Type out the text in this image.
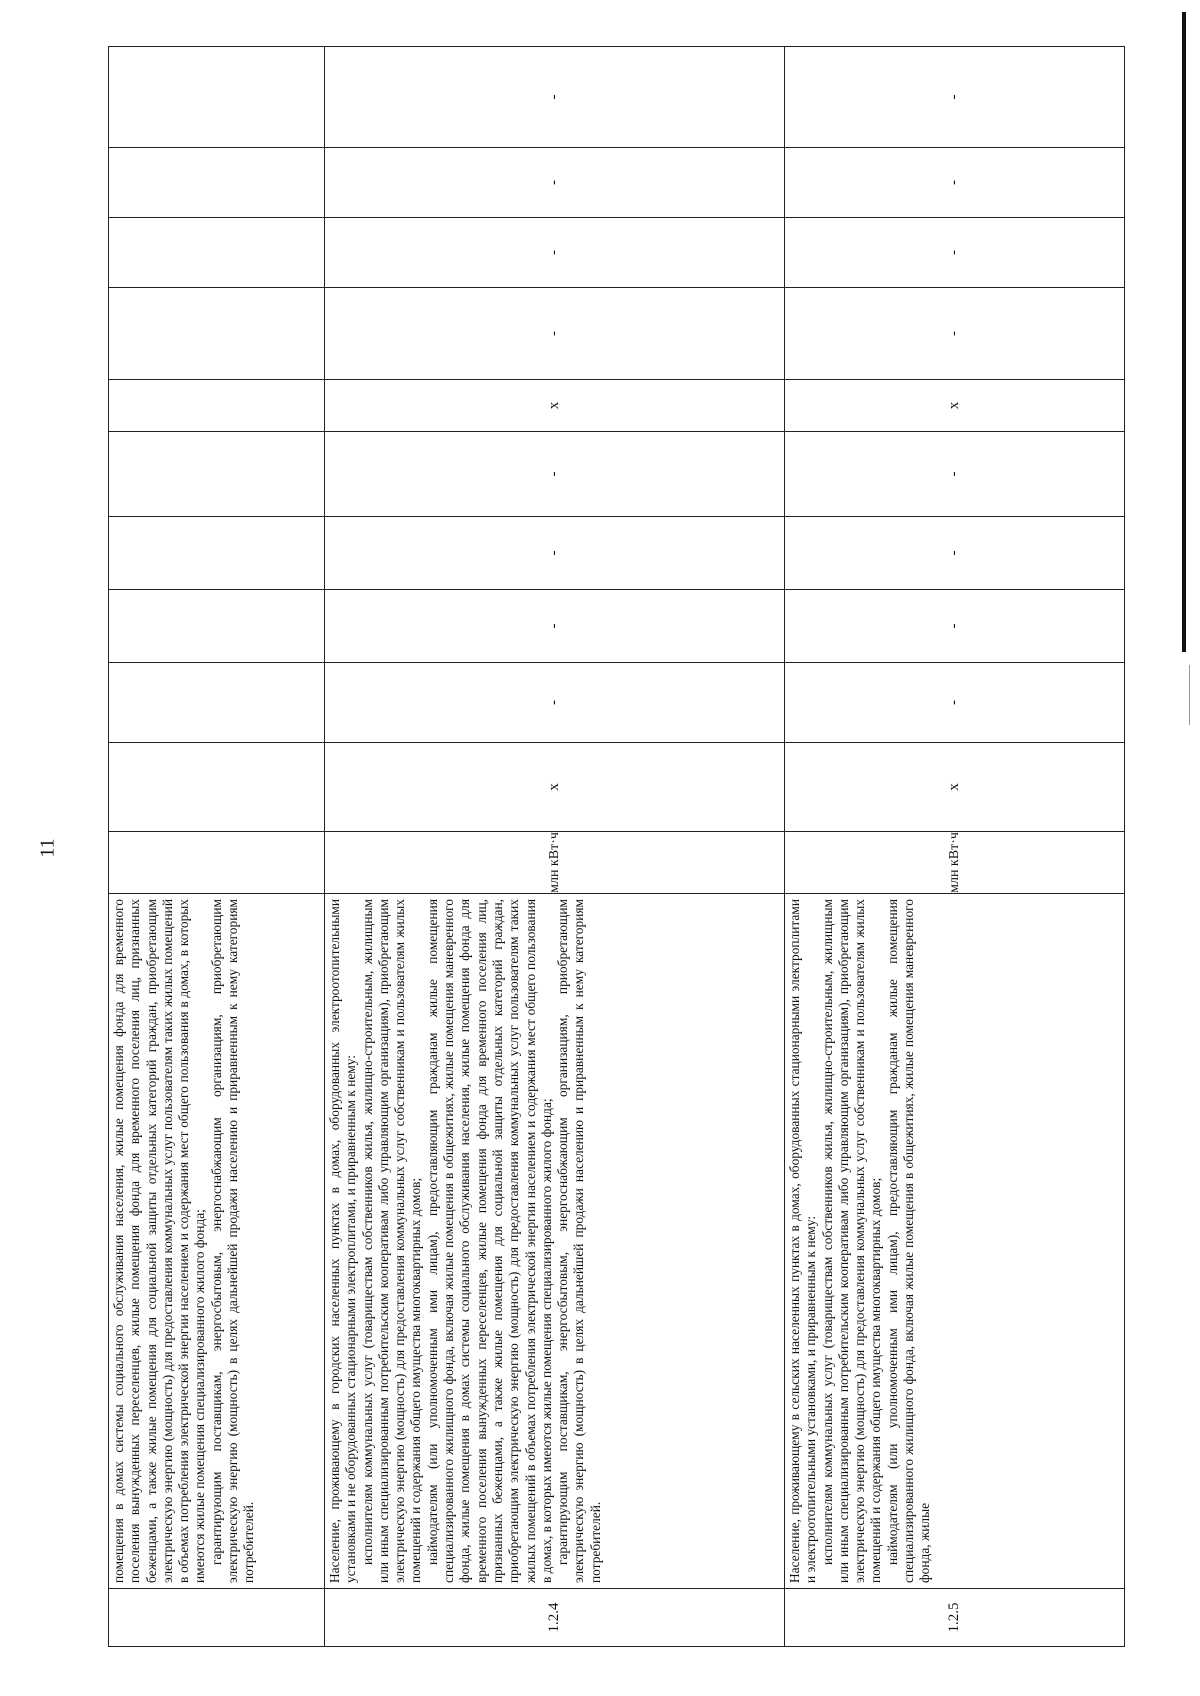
11

	помещения в домах системы социального обслуживания населения, жилые помещения фонда для временного поселения вынужденных переселенцев, жилые помещения фонда для временного поселения лиц, признанных беженцами, а также жилые помещения для социальной защиты отдельных категорий граждан, приобретающим электрическую энергию (мощность) для предоставления коммунальных услуг пользователям таких жилых помещений в объемах потребления электрической энергии населением и содержания мест общего пользования в домах, в которых имеются жилые помещения специализированного жилого фонда; гарантирующим поставщикам, энергосбытовым, энергоснабжающим организациям, приобретающим электрическую энергию (мощность) в целях дальнейшей продажи населению и приравненным к нему категориям потребителей.											

1.2.4	Население, проживающему в городских населенных пунктах в домах, оборудованных электроотопительными установками и не оборудованных стационарными электроплитами, и приравненным к нему: исполнителям коммунальных услуг (товариществам собственников жилья, жилищно-строительным, жилищным или иным специализированным потребительским кооперативам либо управляющим организациям), приобретающим электрическую энергию (мощность) для предоставления коммунальных услуг собственникам и пользователям жилых помещений и содержания общего имущества многоквартирных домов; наймодателям (или уполномоченным ими лицам), предоставляющим гражданам жилые помещения специализированного жилищного фонда, включая жилые помещения в общежитиях, жилые помещения маневренного фонда, жилые помещения в домах системы социального обслуживания населения, жилые помещения фонда для временного поселения вынужденных переселенцев, жилые помещения фонда для временного поселения лиц, признанных беженцами, а также жилые помещения для социальной защиты отдельных категорий граждан, приобретающим электрическую энергию (мощность) для предоставления коммунальных услуг пользователям таких жилых помещений в объемах потребления электрической энергии населением и содержания мест общего пользования в домах, в которых имеются жилые помещения специализированного жилого фонда; гарантирующим поставщикам, энергосбытовым, энергоснабжающим организациям, приобретающим электрическую энергию (мощность) в целях дальнейшей продажи населению и приравненным к нему категориям потребителей.	млн кВт·ч	х	-	-	-	-	х	-	-	-	-
1.2.5	Население, проживающему в сельских населенных пунктах в домах, оборудованных стационарными электроплитами и электроотопительными установками, и приравненным к нему: исполнителям коммунальных услуг (товариществам собственников жилья, жилищно-строительным, жилищным или иным специализированным потребительским кооперативам либо управляющим организациям), приобретающим электрическую энергию (мощность) для предоставления коммунальных услуг собственникам и пользователям жилых помещений и содержания общего имущества многоквартирных домов; наймодателям (или уполномоченным ими лицам), предоставляющим гражданам жилые помещения специализированного жилищного фонда, включая жилые помещения в общежитиях, жилые помещения маневренного фонда, жилые	млн кВт·ч	х	-	-	-	-	х	-	-	-	-
